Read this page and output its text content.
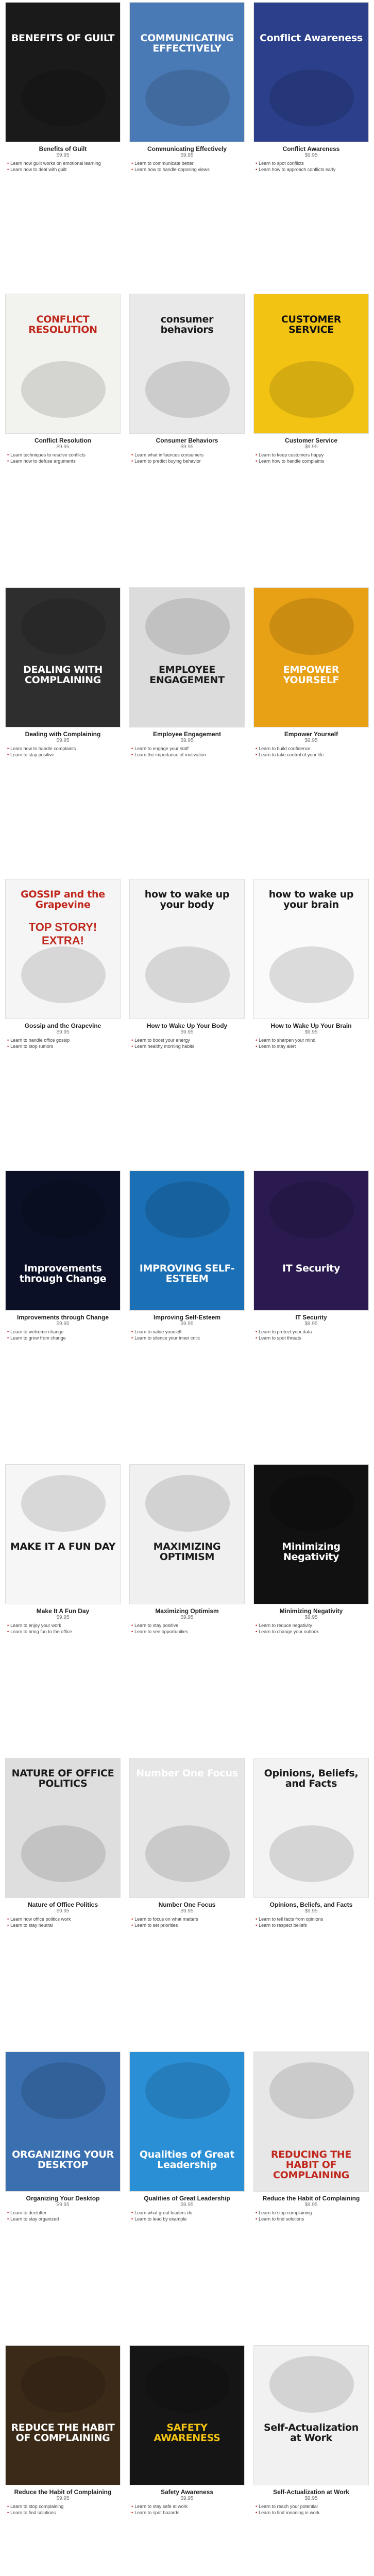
BENEFITS OF GUILT
Benefits of Guilt
$9.95
• Learn how guilt works on emotional learning
• Learn how to deal with guilt
COMMUNICATING EFFECTIVELY
Communicating Effectively
$9.95
• Learn to communicate better
• Learn how to handle opposing views
Conflict Awareness
Conflict Awareness
$9.95
• Learn to spot conflicts
• Learn how to approach conflicts early
CONFLICT RESOLUTION
Conflict Resolution
$9.95
• Learn techniques to resolve conflicts
• Learn how to defuse arguments
consumer behaviors
Consumer Behaviors
$9.95
• Learn what influences consumers
• Learn to predict buying behavior
CUSTOMER SERVICE
Customer Service
$9.95
• Learn to keep customers happy
• Learn how to handle complaints
DEALING WITH COMPLAINING
Dealing with Complaining
$9.95
• Learn how to handle complaints
• Learn to stay positive
EMPLOYEE ENGAGEMENT
Employee Engagement
$9.95
• Learn to engage your staff
• Learn the importance of motivation
EMPOWER YOURSELF
Empower Yourself
$9.95
• Learn to build confidence
• Learn to take control of your life
GOSSIP and the Grapevine
TOP STORY! EXTRA!
Gossip and the Grapevine
$9.95
• Learn to handle office gossip
• Learn to stop rumors
how to wake up your body
How to Wake Up Your Body
$9.95
• Learn to boost your energy
• Learn healthy morning habits
how to wake up your brain
How to Wake Up Your Brain
$9.95
• Learn to sharpen your mind
• Learn to stay alert
Improvements through Change
Improvements through Change
$9.95
• Learn to welcome change
• Learn to grow from change
IMPROVING SELF-ESTEEM
Improving Self-Esteem
$9.95
• Learn to value yourself
• Learn to silence your inner critic
IT Security
IT Security
$9.95
• Learn to protect your data
• Learn to spot threats
MAKE IT A FUN DAY
Make It A Fun Day
$9.95
• Learn to enjoy your work
• Learn to bring fun to the office
MAXIMIZING OPTIMISM
Maximizing Optimism
$9.95
• Learn to stay positive
• Learn to see opportunities
Minimizing Negativity
Minimizing Negativity
$9.95
• Learn to reduce negativity
• Learn to change your outlook
NATURE OF OFFICE POLITICS
Nature of Office Politics
$9.95
• Learn how office politics work
• Learn to stay neutral
Number One Focus
Number One Focus
$9.95
• Learn to focus on what matters
• Learn to set priorities
Opinions, Beliefs, and Facts
Opinions, Beliefs, and Facts
$9.95
• Learn to tell facts from opinions
• Learn to respect beliefs
ORGANIZING YOUR DESKTOP
Organizing Your Desktop
$9.95
• Learn to declutter
• Learn to stay organized
Qualities of Great Leadership
Qualities of Great Leadership
$9.95
• Learn what great leaders do
• Learn to lead by example
REDUCING THE HABIT OF COMPLAINING
Reduce the Habit of Complaining
$9.95
• Learn to stop complaining
• Learn to find solutions
REDUCE THE HABIT OF COMPLAINING
Reduce the Habit of Complaining
$9.95
• Learn to stop complaining
• Learn to find solutions
SAFETY AWARENESS
Safety Awareness
$9.95
• Learn to stay safe at work
• Learn to spot hazards
Self-Actualization at Work
Self-Actualization at Work
$9.95
• Learn to reach your potential
• Learn to find meaning in work
